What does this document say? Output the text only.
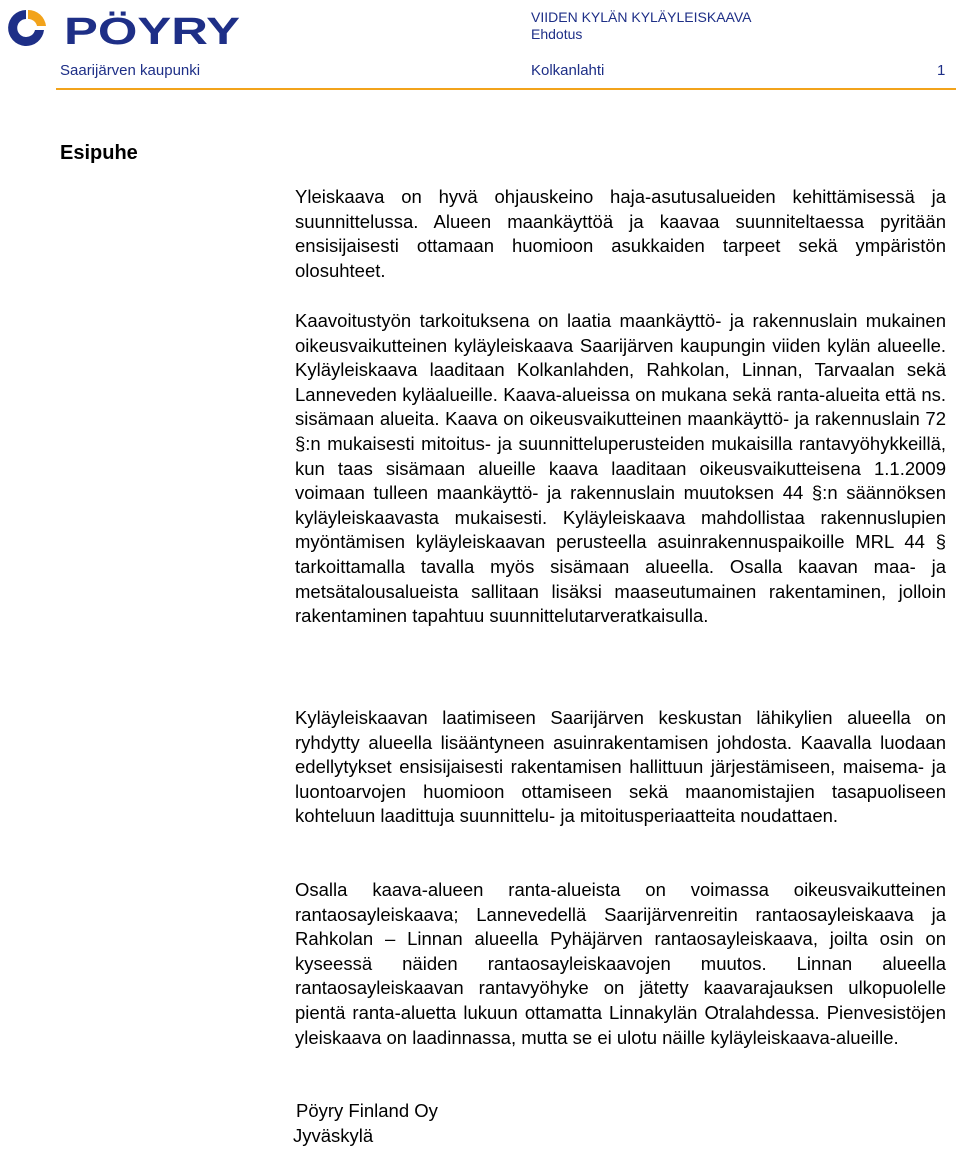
PÖYRY	VIIDEN KYLÄN KYLÄYLEISKAAVA
Ehdotus
Saarijärven kaupunki	Kolkanlahti	1
Esipuhe

Yleiskaava on hyvä ohjauskeino haja-asutusalueiden kehittämisessä ja suunnittelussa. Alueen maankäyttöä ja kaavaa suunniteltaessa pyritään ensisijaisesti ottamaan huomioon asukkaiden tarpeet sekä ympäristön olosuhteet.

Kaavoitustyön tarkoituksena on laatia maankäyttö- ja rakennuslain mukainen oikeusvaikutteinen kyläyleiskaava Saarijärven kaupungin viiden kylän alueelle. Kyläyleiskaava laaditaan Kolkanlahden, Rahkolan, Linnan, Tarvaalan sekä Lanneveden kyläalueille. Kaava-alueissa on mukana sekä ranta-alueita että ns. sisämaan alueita. Kaava on oikeusvaikutteinen maankäyttö- ja rakennuslain 72 §:n mukaisesti mitoitus- ja suunnitteluperusteiden mukaisilla rantavyöhykkeillä, kun taas sisämaan alueille kaava laaditaan oikeusvaikutteisena 1.1.2009 voimaan tulleen maankäyttö- ja rakennuslain muutoksen 44 §:n säännöksen kyläyleiskaavasta mukaisesti. Kyläyleiskaava mahdollistaa rakennuslupien myöntämisen kyläyleiskaavan perusteella asuinrakennuspaikoille MRL 44 § tarkoittamalla tavalla myös sisämaan alueella. Osalla kaavan maa- ja metsätalousalueista sallitaan lisäksi maaseutumainen rakentaminen, jolloin rakentaminen tapahtuu suunnittelutarveratkaisulla.

Kyläyleiskaavan laatimiseen Saarijärven keskustan lähikylien alueella on ryhdytty alueella lisääntyneen asuinrakentamisen johdosta. Kaavalla luodaan edellytykset ensisijaisesti rakentamisen hallittuun järjestämiseen, maisema- ja luontoarvojen huomioon ottamiseen sekä maanomistajien tasapuoliseen kohteluun laadittuja suunnittelu- ja mitoitusperiaatteita noudattaen.

Osalla kaava-alueen ranta-alueista on voimassa oikeusvaikutteinen rantaosayleiskaava; Lannevedellä Saarijärvenreitin rantaosayleiskaava ja Rahkolan – Linnan alueella Pyhäjärven rantaosayleiskaava, joilta osin on kyseessä näiden rantaosayleiskaavojen muutos. Linnan alueella rantaosayleiskaavan rantavyöhyke on jätetty kaavarajauksen ulkopuolelle pientä ranta-aluetta lukuun ottamatta Linnakylän Otralahdessa. Pienvesistöjen yleiskaava on laadinnassa, mutta se ei ulotu näille kyläyleiskaava-alueille.

Pöyry Finland Oy
Jyväskylä
